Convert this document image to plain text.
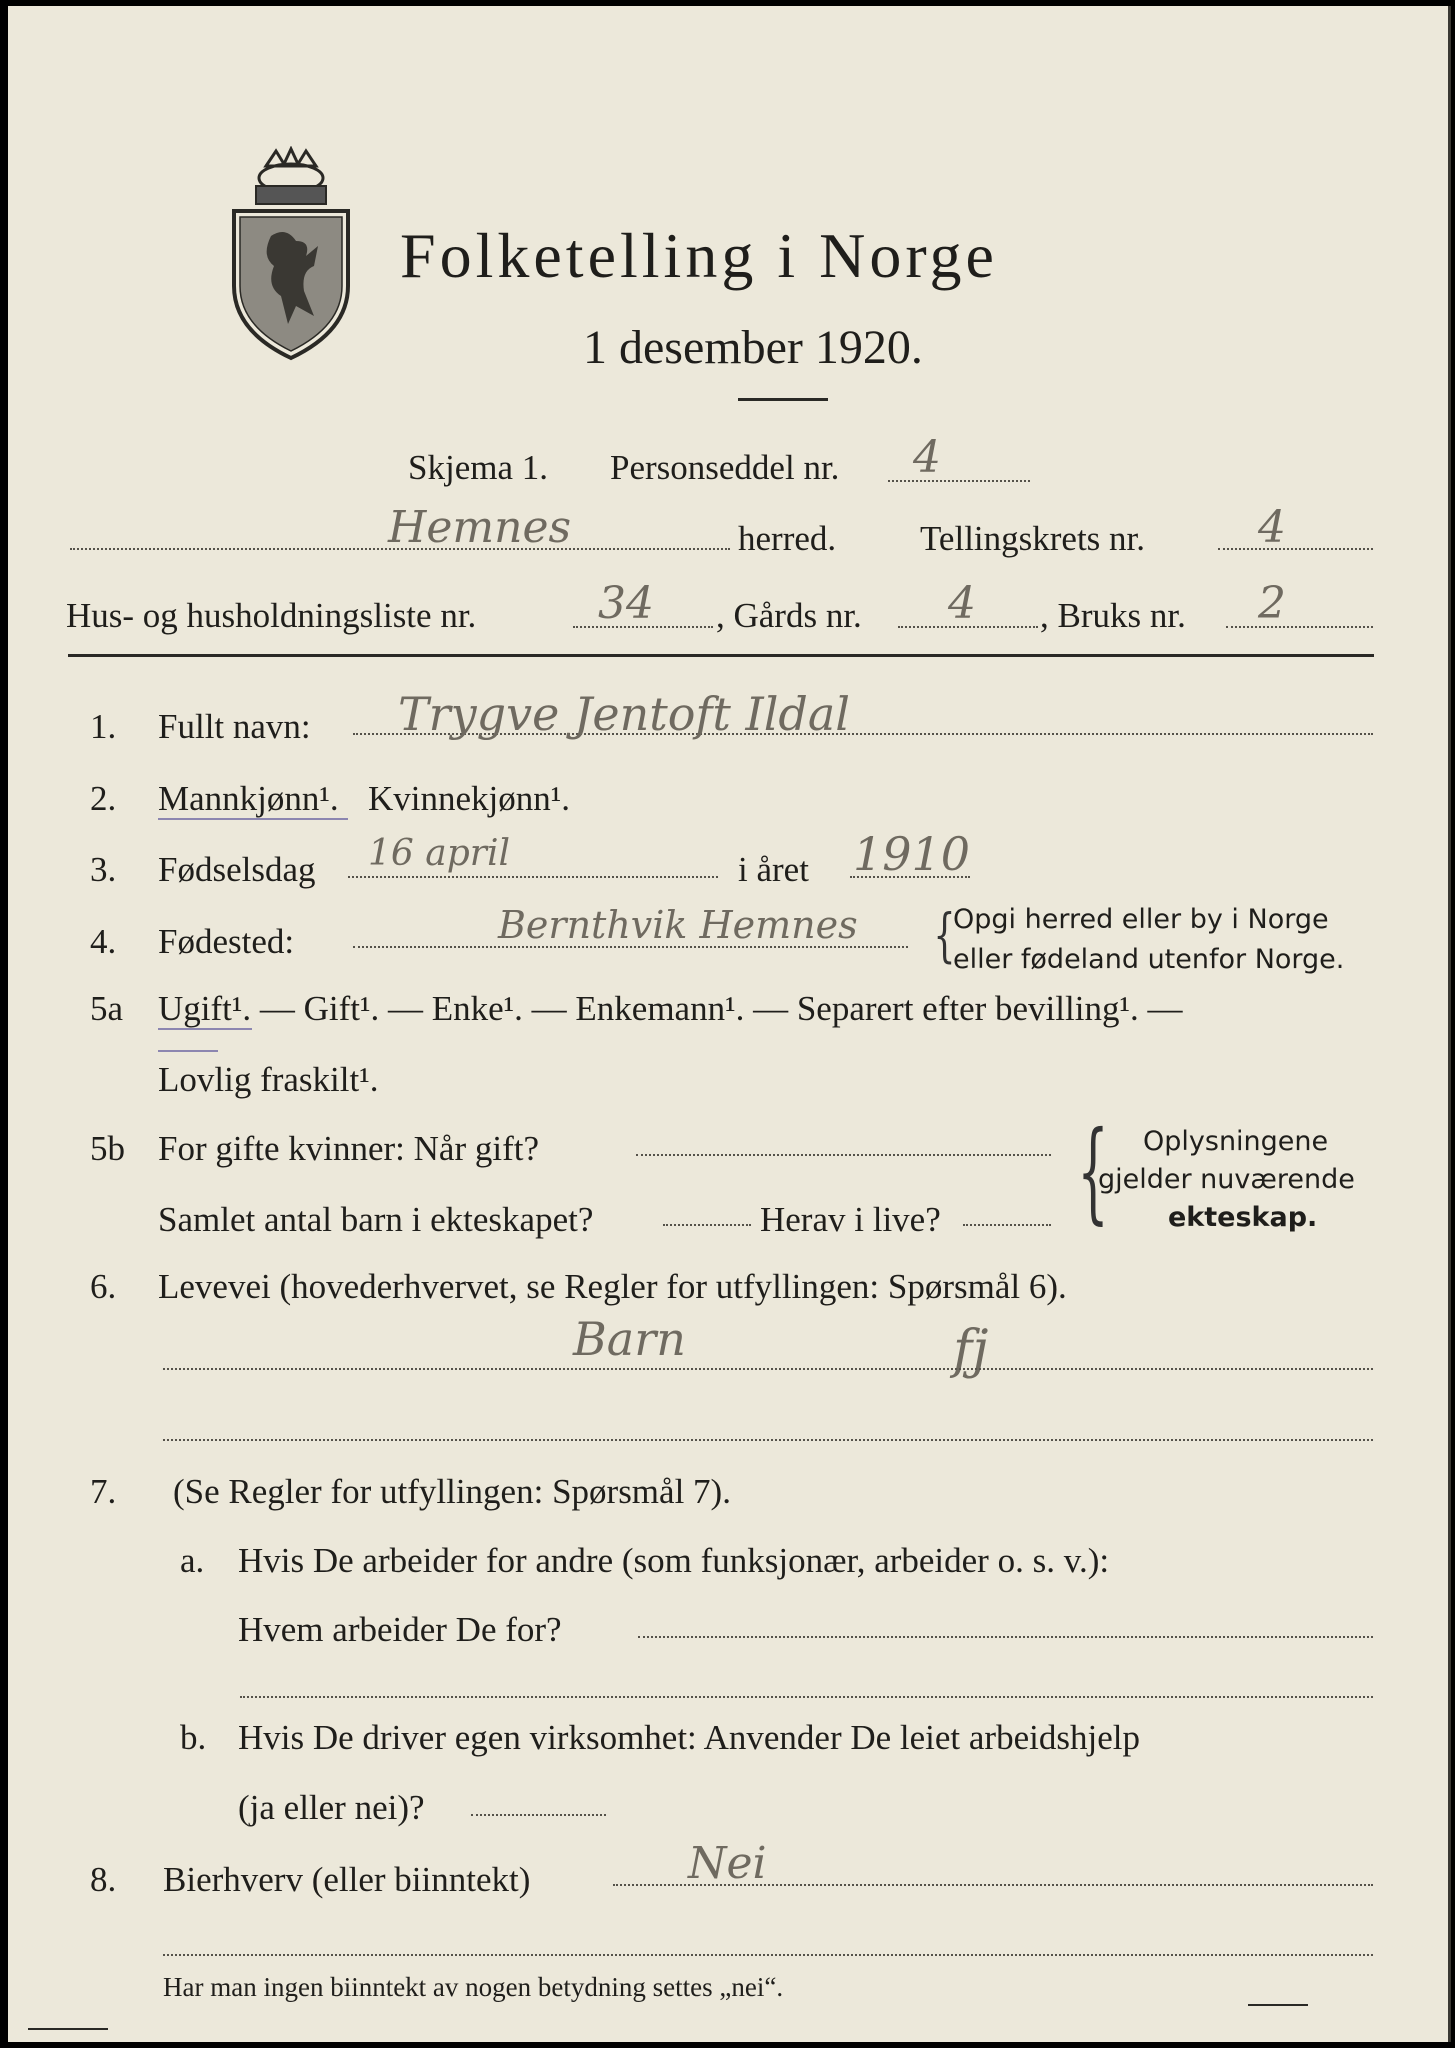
Folketelling i Norge
1 desember 1920.
Skjema 1. Personseddel nr. 4
Hemnes	herred. Tellingskrets nr.	4
Hus- og husholdningsliste nr.	34 , Gårds nr. 4 , Bruks nr. 2
1. Fullt navn: Trygve Jentoft Ildal
2. Mannkjønn¹. Kvinnekjønn¹.
3. Fødselsdag 16 april	i året 1910
4. Fødested:	Bernthvik Hemnes {
Opgi herred eller by i Norge
eller fødeland utenfor Norge.
5a Ugift¹. — Gift¹. — Enke¹. — Enkemann¹. — Separert efter bevilling¹. —
Lovlig fraskilt¹.
5b For gifte kvinner: Når gift?
Samlet antal barn i ekteskapet?	Herav i live? { Oplysningene
gjelder nuværende
ekteskap.
6. Levevei (hovederhvervet, se Regler for utfyllingen: Spørsmål 6).
Barn	fj
7. (Se Regler for utfyllingen: Spørsmål 7).
a. Hvis De arbeider for andre (som funksjonær, arbeider o. s. v.):
Hvem arbeider De for?
b. Hvis De driver egen virksomhet: Anvender De leiet arbeidshjelp
(ja eller nei)?
8. Bierhverv (eller biinntekt)	Nei
Har man ingen biinntekt av nogen betydning settes „nei“.
